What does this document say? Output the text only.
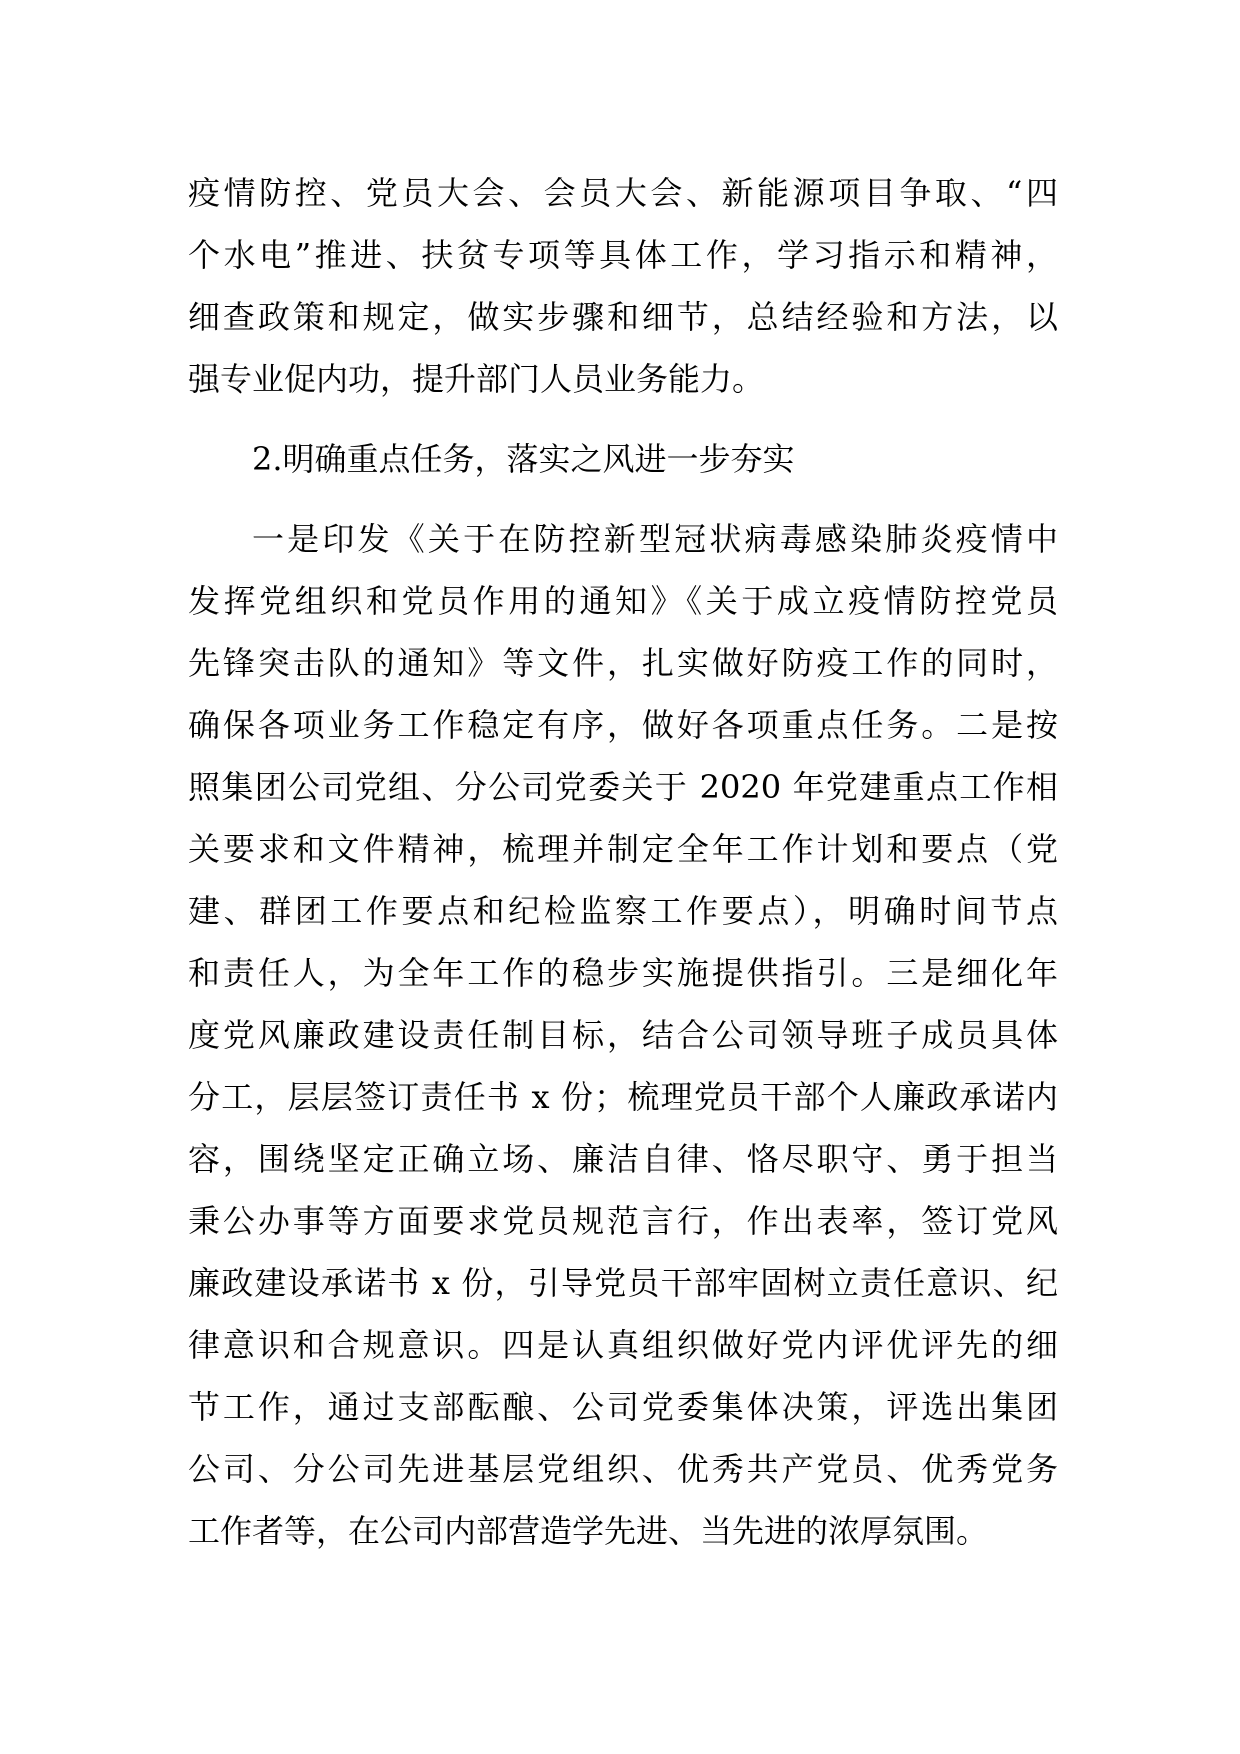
疫情防控、党员大会、会员大会、新能源项目争取、“四
个水电”推进、扶贫专项等具体工作，学习指示和精神，
细查政策和规定，做实步骤和细节，总结经验和方法，以
强专业促内功，提升部门人员业务能力。
2.明确重点任务，落实之风进一步夯实
一是印发《关于在防控新型冠状病毒感染肺炎疫情中
发挥党组织和党员作用的通知》《关于成立疫情防控党员
先锋突击队的通知》等文件，扎实做好防疫工作的同时，
确保各项业务工作稳定有序，做好各项重点任务。二是按
照集团公司党组、分公司党委关于 2020 年党建重点工作相
关要求和文件精神，梳理并制定全年工作计划和要点（党
建、群团工作要点和纪检监察工作要点），明确时间节点
和责任人，为全年工作的稳步实施提供指引。三是细化年
度党风廉政建设责任制目标，结合公司领导班子成员具体
分工，层层签订责任书 x 份；梳理党员干部个人廉政承诺内
容，围绕坚定正确立场、廉洁自律、恪尽职守、勇于担当
秉公办事等方面要求党员规范言行，作出表率，签订党风
廉政建设承诺书 x 份，引导党员干部牢固树立责任意识、纪
律意识和合规意识。四是认真组织做好党内评优评先的细
节工作，通过支部酝酿、公司党委集体决策，评选出集团
公司、分公司先进基层党组织、优秀共产党员、优秀党务
工作者等，在公司内部营造学先进、当先进的浓厚氛围。
